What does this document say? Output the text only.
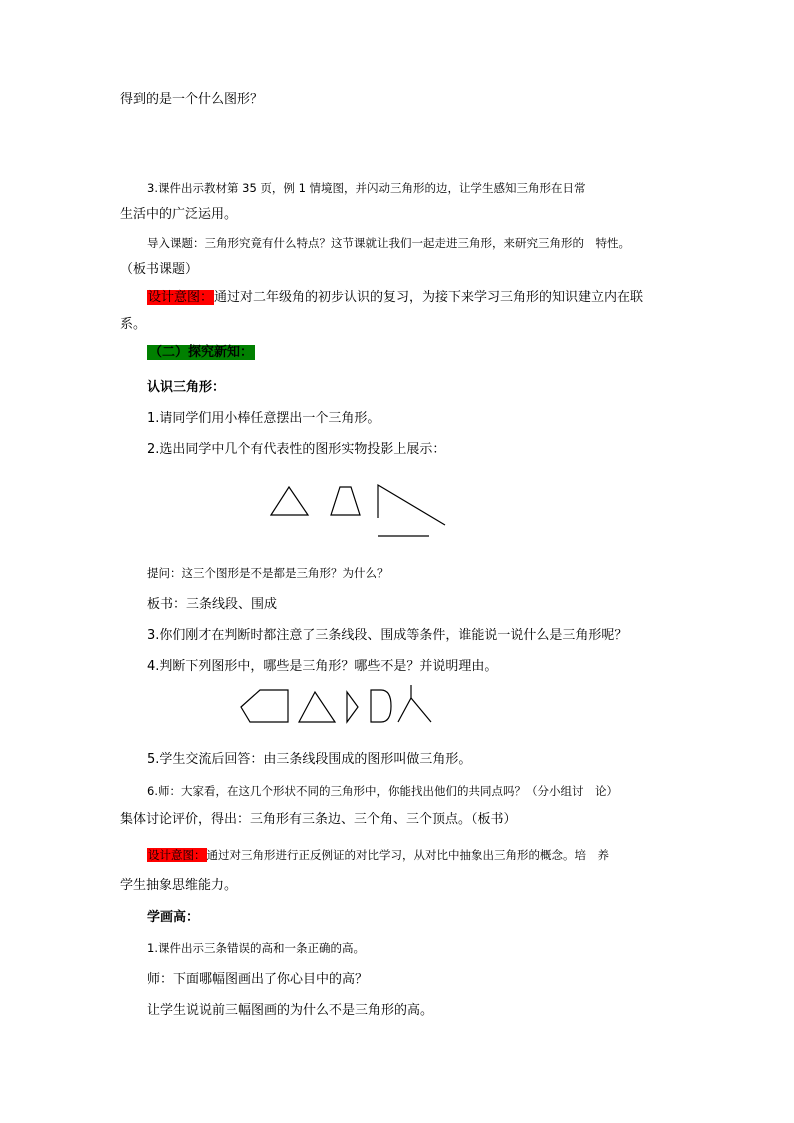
得到的是一个什么图形？
3.课件出示教材第 35 页，例 1 情境图，并闪动三角形的边，让学生感知三角形在日常
生活中的广泛运用。
导入课题：三角形究竟有什么特点？这节课就让我们一起走进三角形，来研究三角形的　特性。
（板书课题）
设计意图：通过对二年级角的初步认识的复习，为接下来学习三角形的知识建立内在联
系。
（二）探究新知：
认识三角形：
1.请同学们用小棒任意摆出一个三角形。
2.选出同学中几个有代表性的图形实物投影上展示：
提问：这三个图形是不是都是三角形？为什么？
板书：三条线段、围成
3.你们刚才在判断时都注意了三条线段、围成等条件，谁能说一说什么是三角形呢？
4.判断下列图形中，哪些是三角形？哪些不是？并说明理由。
5.学生交流后回答：由三条线段围成的图形叫做三角形。
6.师：大家看，在这几个形状不同的三角形中，你能找出他们的共同点吗？（分小组讨　论）
集体讨论评价，得出：三角形有三条边、三个角、三个顶点。（板书）
设计意图：通过对三角形进行正反例证的对比学习，从对比中抽象出三角形的概念。培　养
学生抽象思维能力。
学画高：
1.课件出示三条错误的高和一条正确的高。
师：下面哪幅图画出了你心目中的高？
让学生说说前三幅图画的为什么不是三角形的高。
